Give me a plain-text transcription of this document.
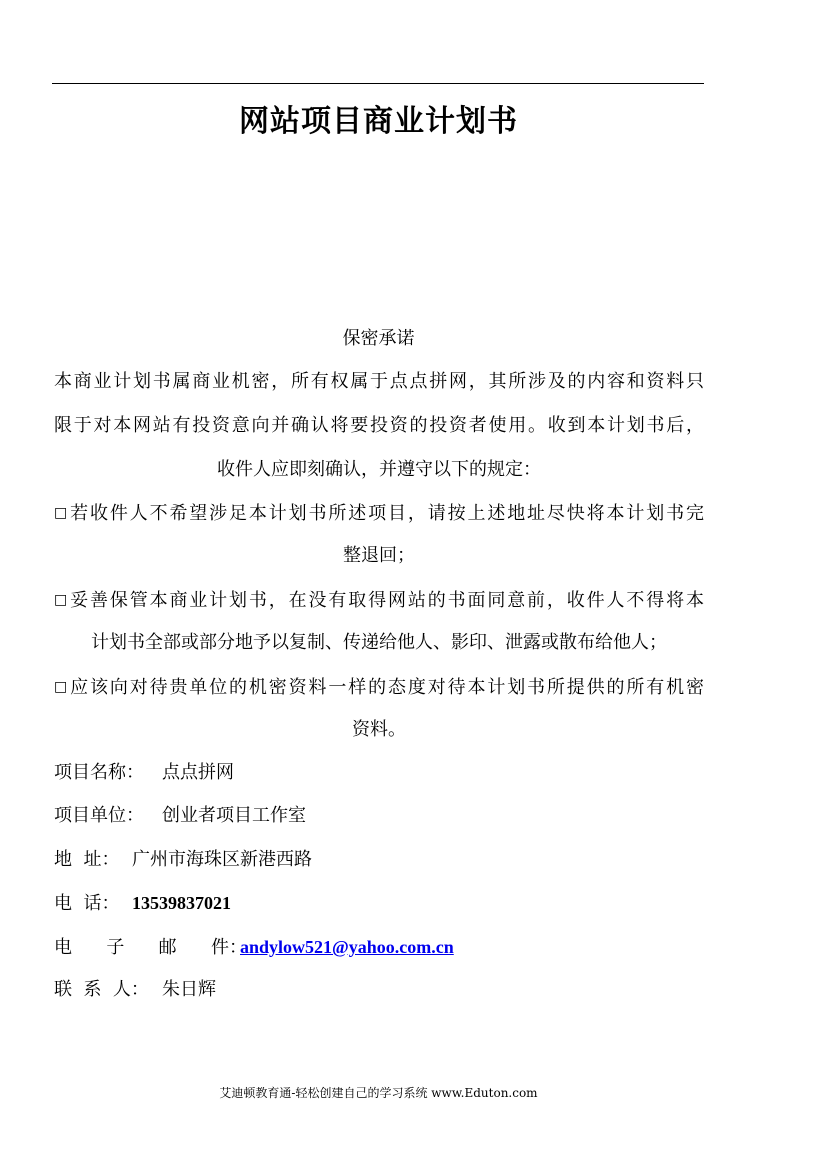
网站项目商业计划书
保密承诺
本商业计划书属商业机密，所有权属于点点拼网，其所涉及的内容和资料只
限于对本网站有投资意向并确认将要投资的投资者使用。收到本计划书后，
收件人应即刻确认，并遵守以下的规定：
□若收件人不希望涉足本计划书所述项目，请按上述地址尽快将本计划书完
整退回；
□妥善保管本商业计划书，在没有取得网站的书面同意前，收件人不得将本
计划书全部或部分地予以复制、传递给他人、影印、泄露或散布给他人；
□应该向对待贵单位的机密资料一样的态度对待本计划书所提供的所有机密
资料。
项目名称： 点点拼网
项目单位： 创业者项目工作室
地  址： 广州市海珠区新港西路
电  话： 13539837021
电      子      邮      件：andylow521@yahoo.com.cn
联  系  人： 朱日辉
艾迪顿教育通-轻松创建自己的学习系统 www.Eduton.com
